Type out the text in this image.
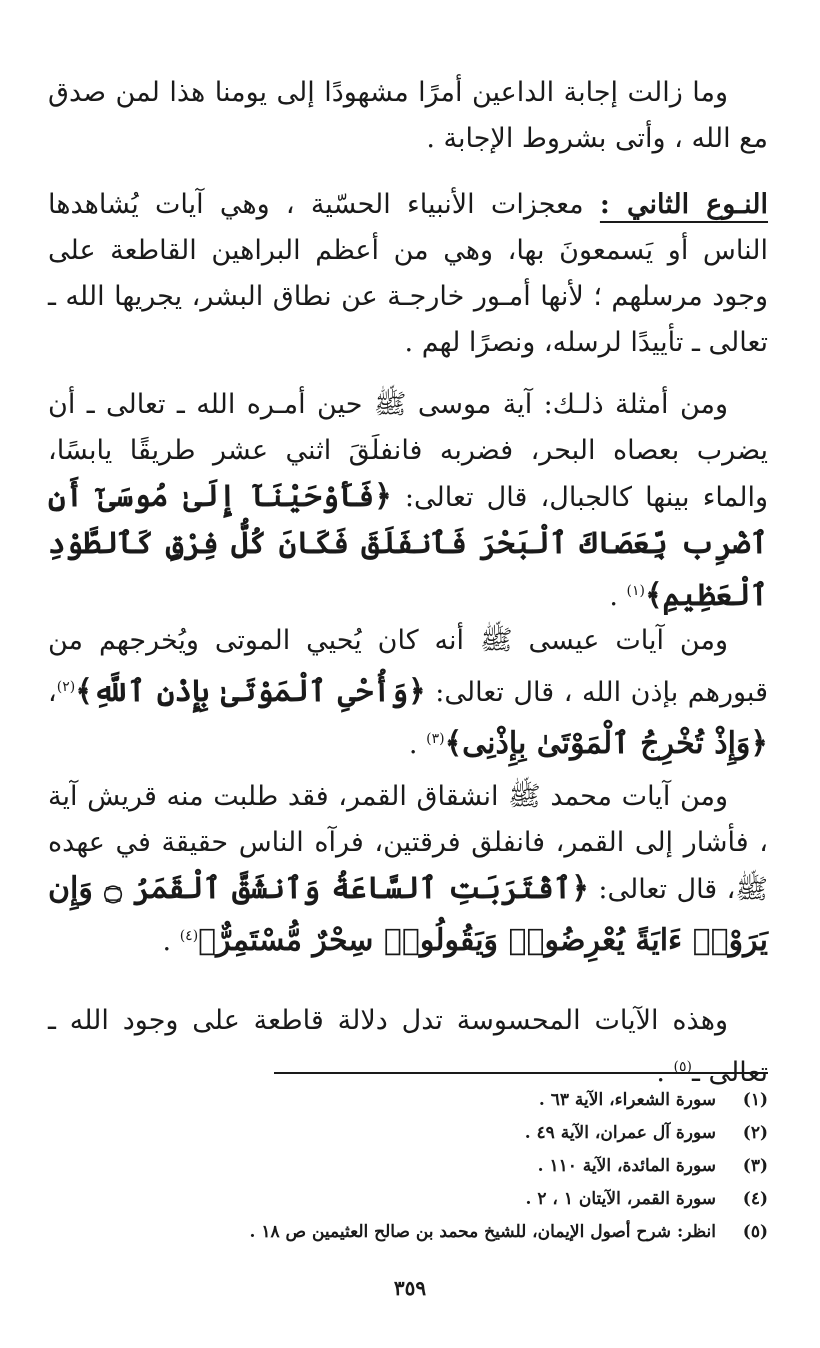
وما زالت إجابة الداعين أمرًا مشهودًا إلى يومنا هذا لمن صدق مع الله ، وأتى بشروط الإجابة .
النـوع الثاني : معجزات الأنبياء الحسّية ، وهي آيات يُشاهدها الناس أو يَسمعونَ بها، وهي من أعظم البراهين القاطعة على وجود مرسلهم ؛ لأنها أمـور خارجـة عن نطاق البشر، يجريها الله ـ تعالى ـ تأييدًا لرسله، ونصرًا لهم .
ومن أمثلة ذلـك: آية موسى ﷺ حين أمـره الله ـ تعالى ـ أن يضرب بعصاه البحر، فضربه فانفلَقَ اثني عشر طريقًا يابسًا، والماء بينها كالجبال، قال تعالى: ﴿فَأَوْحَيْنَآ إِلَىٰ مُوسَىٰٓ أَنِ ٱضْرِب بِّعَصَاكَ ٱلْبَحْرَ فَٱنفَلَقَ فَكَانَ كُلُّ فِرْقٍ كَٱلطَّوْدِ ٱلْعَظِيمِ﴾$^{(١)}$ .
ومن آيات عيسى ﷺ أنه كان يُحيي الموتى ويُخرجهم من قبورهم بإذن الله ، قال تعالى: ﴿وَأُحْىِ ٱلْمَوْتَىٰ بِإِذْنِ ٱللَّهِ﴾$^{(٢)}$، ﴿وَإِذْ تُخْرِجُ ٱلْمَوْتَىٰ بِإِذْنِى﴾$^{(٣)}$ .
ومن آيات محمد ﷺ انشقاق القمر، فقد طلبت منه قريش آية ، فأشار إلى القمر، فانفلق فرقتين، فرآه الناس حقيقة في عهده ﷺ، قال تعالى: ﴿ٱقْتَرَبَتِ ٱلسَّاعَةُ وَٱنشَقَّ ٱلْقَمَرُ ۝ وَإِن يَرَوْا۟ ءَايَةً يُعْرِضُوا۟ وَيَقُولُوا۟ سِحْرٌ مُّسْتَمِرٌّ﴾$^{(٤)}$ .
وهذه الآيات المحسوسة تدل دلالة قاطعة على وجود الله ـ تعالى ـ$^{(٥)}$ .
(١)
سورة الشعراء، الآية ٦٣ .
(٢)
سورة آل عمران، الآية ٤٩ .
(٣)
سورة المائدة، الآية ١١٠ .
(٤)
سورة القمر، الآيتان ١ ، ٢ .
(٥)
انظر: شرح أصول الإيمان، للشيخ محمد بن صالح العثيمين ص ١٨ .
٣٥٩
